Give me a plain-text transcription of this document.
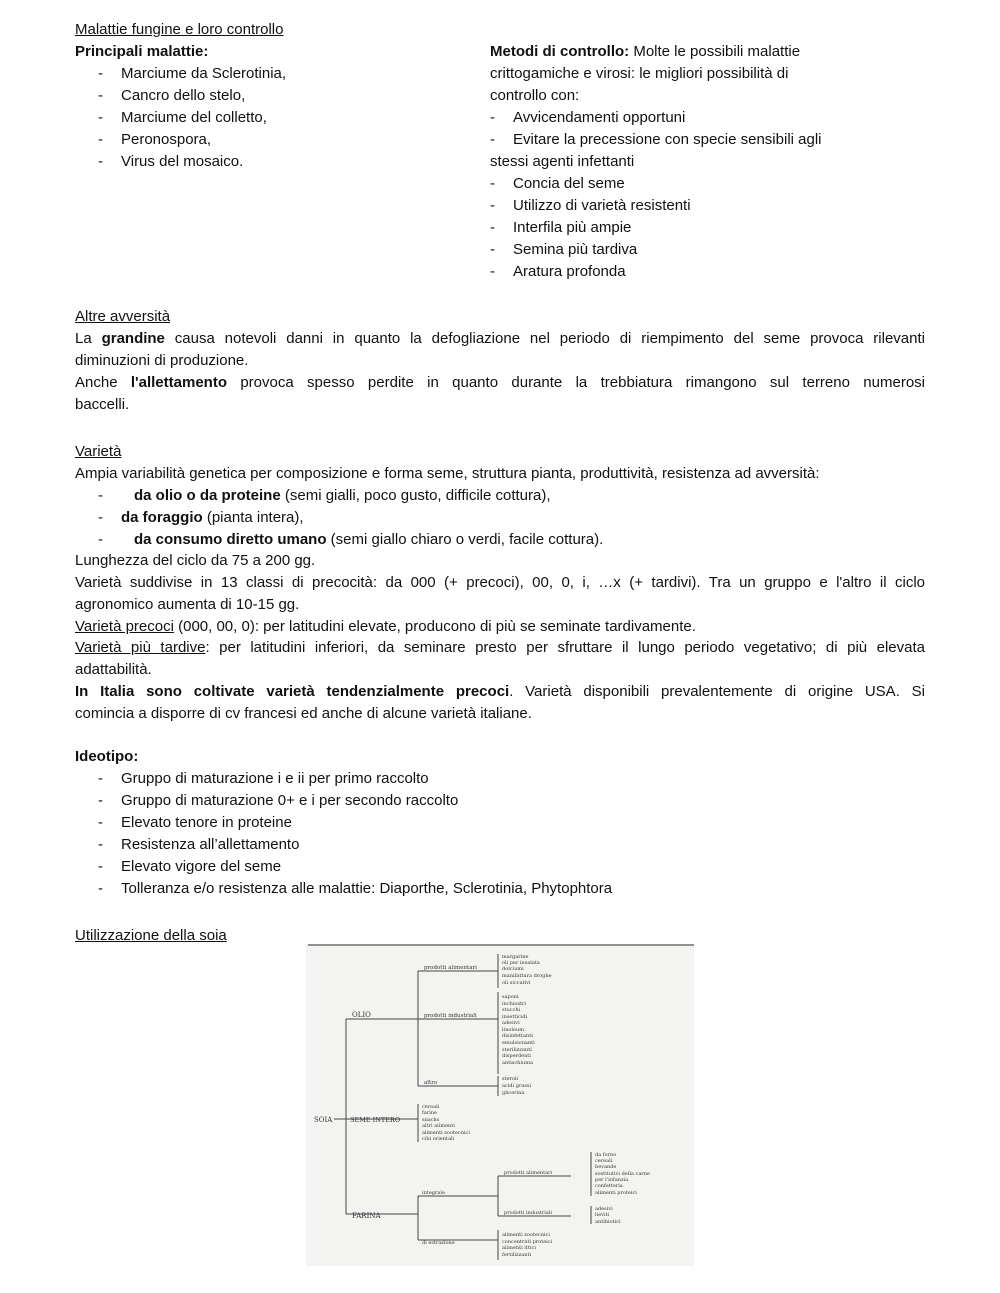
Malattie fungine e loro controllo
Principali malattie:
- Marciume da Sclerotinia,
- Cancro dello stelo,
- Marciume del colletto,
- Peronospora,
- Virus del mosaico.
Metodi di controllo: Molte le possibili malattie
crittogamiche e virosi: le migliori possibilità di
controllo con:
- Avvicendamenti opportuni
- Evitare la precessione con specie sensibili agli
stessi agenti infettanti
- Concia del seme
- Utilizzo di varietà resistenti
- Interfila più ampie
- Semina più tardiva
- Aratura profonda
Altre avversità
La grandine causa notevoli danni in quanto la defogliazione nel periodo di riempimento del seme provoca rilevanti
diminuzioni di produzione.
Anche l'allettamento provoca spesso perdite in quanto durante la trebbiatura rimangono sul terreno numerosi
baccelli.
Varietà
Ampia variabilità genetica per composizione e forma seme, struttura pianta, produttività, resistenza ad avversità:
- da olio o da proteine (semi gialli, poco gusto, difficile cottura),
- da foraggio (pianta intera),
- da consumo diretto umano (semi giallo chiaro o verdi, facile cottura).
Lunghezza del ciclo da 75 a 200 gg.
Varietà suddivise in 13 classi di precocità: da 000 (+ precoci), 00, 0, i, …x (+ tardivi). Tra un gruppo e l'altro il ciclo
agronomico aumenta di 10-15 gg.
Varietà precoci (000, 00, 0): per latitudini elevate, producono di più se seminate tardivamente.
Varietà più tardive: per latitudini inferiori, da seminare presto per sfruttare il lungo periodo vegetativo; di più elevata
adattabilità.
In Italia sono coltivate varietà tendenzialmente precoci. Varietà disponibili prevalentemente di origine USA. Si
comincia a disporre di cv francesi ed anche di alcune varietà italiane.
Ideotipo:
- Gruppo di maturazione i e ii per primo raccolto
- Gruppo di maturazione 0+ e i per secondo raccolto
- Elevato tenore in proteine
- Resistenza all’allettamento
- Elevato vigore del seme
- Tolleranza e/o resistenza alle malattie: Diaporthe, Sclerotinia, Phytophtora
Utilizzazione della soia
SOIA
OLIO
SEME INTERO
FARINA
prodotti alimentari
prodotti industriali
altro
margarine
oli per insalata
dolciumi
manifattura droghe
oli siccativi
saponi
inchiostri
stucchi
insetticidi
adesivi
linoleum
disinfettanti
emulsionanti
sterilizzanti
disperdenti
antischiuma
steroli
acidi grassi
glicerina
cereali
farine
snacks
altri alimenti
alimenti zootecnici
cibi orientali
integrale
di estrazione
prodotti alimentari
prodotti industriali
da forno
cereali
bevande
sostitutivi della carne
per l'infanzia
confetteria
alimenti proteici
adesivi
lieviti
antibiotici
alimenti zootecnici
concentrati proteici
alimenti ittici
fertilizzanti
